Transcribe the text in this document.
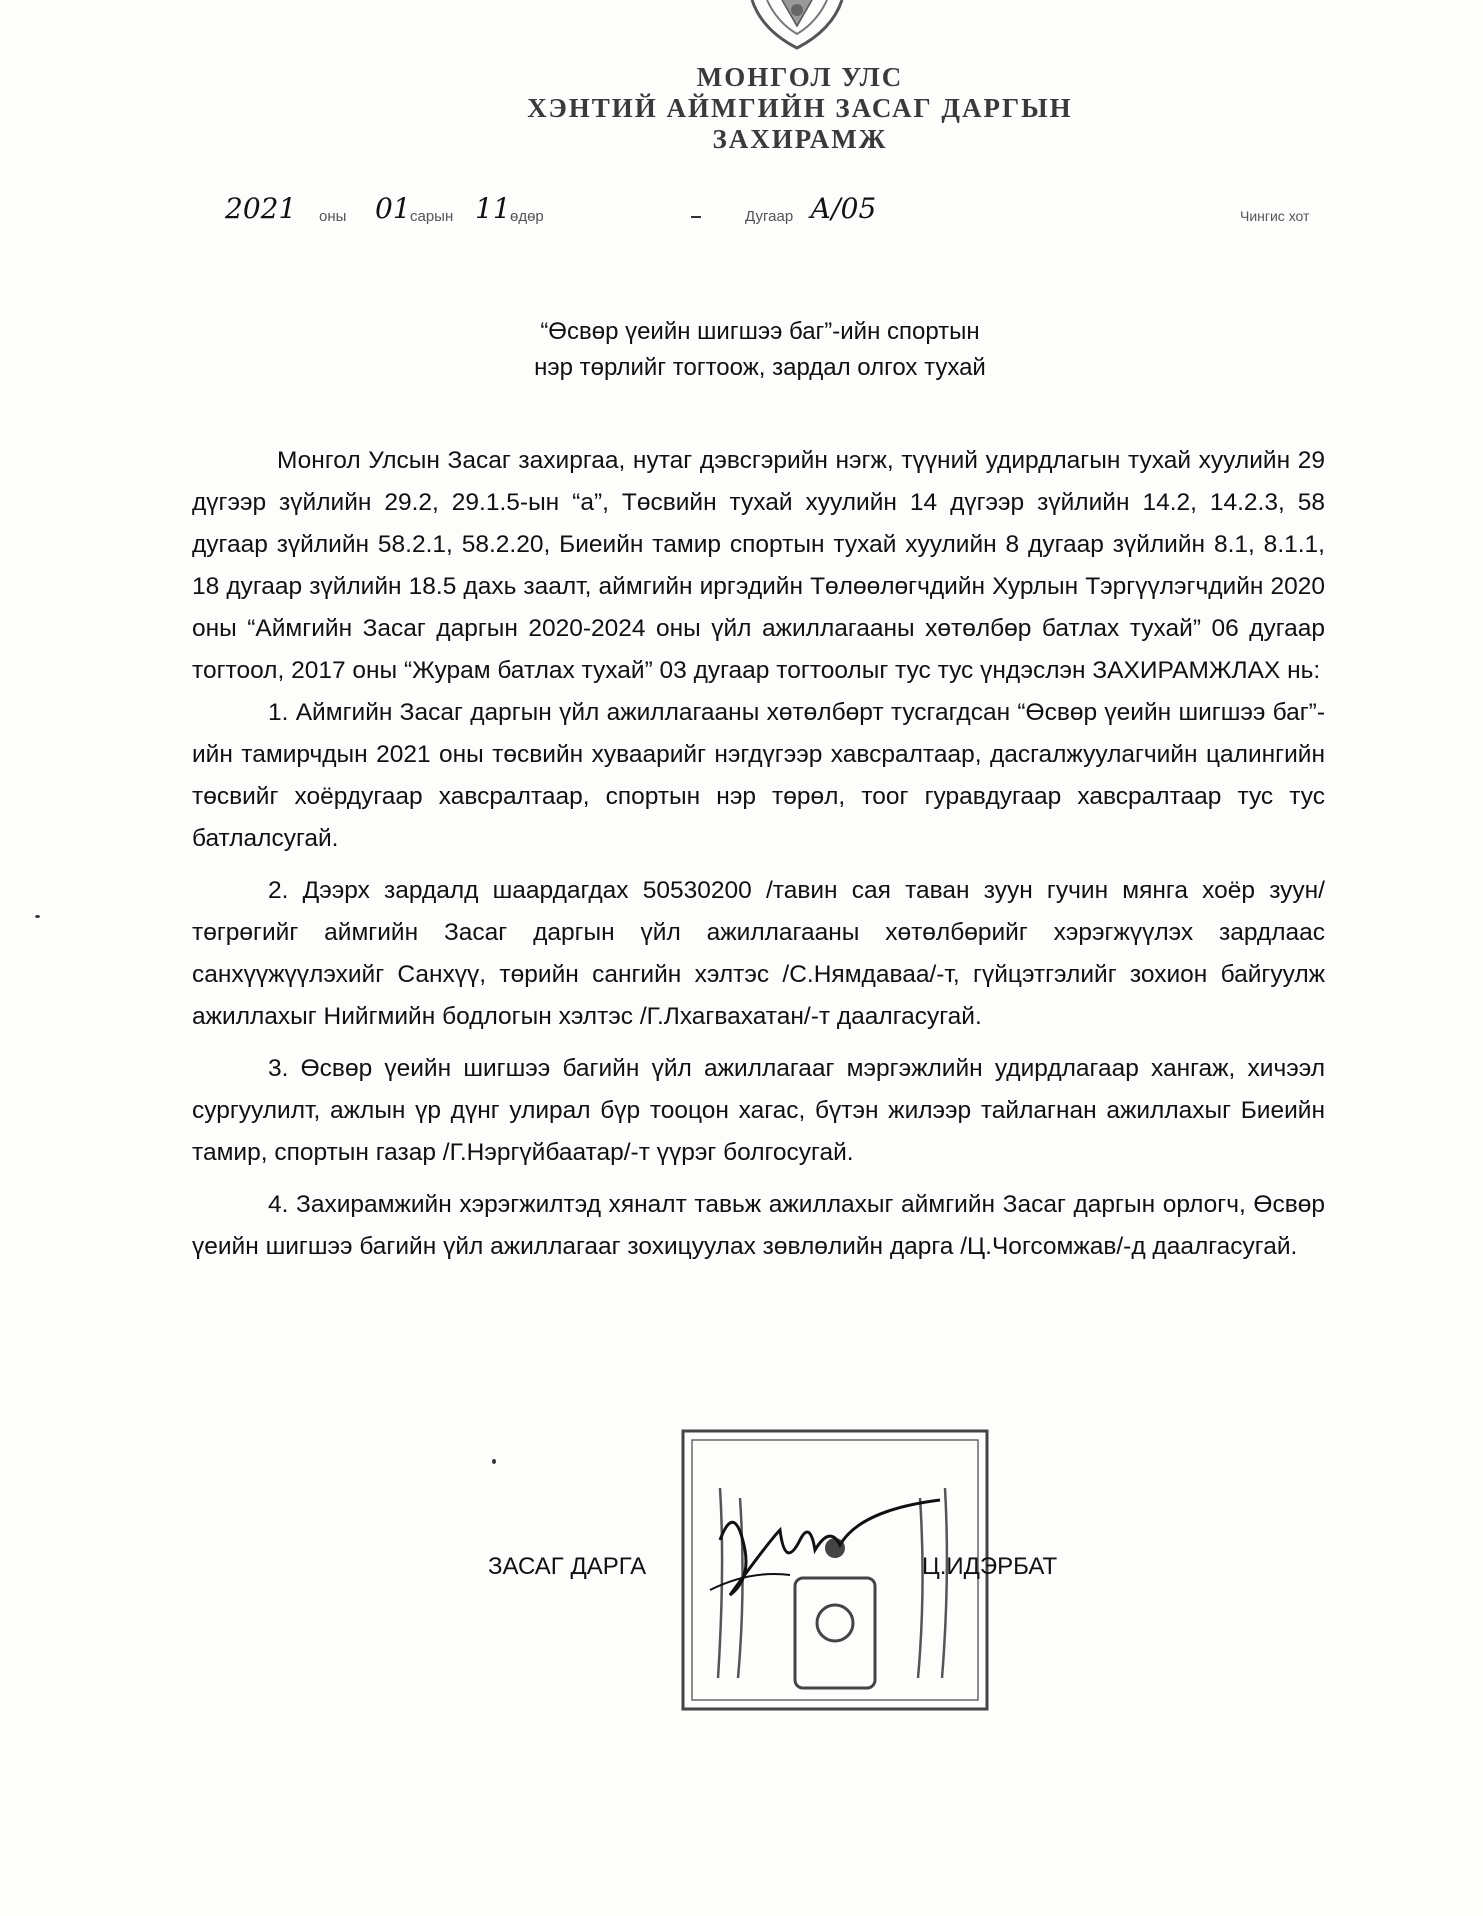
МОНГОЛ УЛС
ХЭНТИЙ АЙМГИЙН ЗАСАГ ДАРГЫН
ЗАХИРАМЖ
2021 оны 01 сарын 11 өдөр	Дугаар А/05	Чингис хот
“Өсвөр үеийн шигшээ баг”-ийн спортын
нэр төрлийг тогтоож, зардал олгох тухай

Монгол Улсын Засаг захиргаа, нутаг дэвсгэрийн нэгж, түүний удирдлагын тухай хуулийн 29 дүгээр зүйлийн 29.2, 29.1.5-ын “а”, Төсвийн тухай хуулийн 14 дүгээр зүйлийн 14.2, 14.2.3, 58 дугаар зүйлийн 58.2.1, 58.2.20, Биеийн тамир спортын тухай хуулийн 8 дугаар зүйлийн 8.1, 8.1.1, 18 дугаар зүйлийн 18.5 дахь заалт, аймгийн иргэдийн Төлөөлөгчдийн Хурлын Тэргүүлэгчдийн 2020 оны “Аймгийн Засаг даргын 2020-2024 оны үйл ажиллагааны хөтөлбөр батлах тухай” 06 дугаар тогтоол, 2017 оны “Журам батлах тухай” 03 дугаар тогтоолыг тус тус үндэслэн ЗАХИРАМЖЛАХ нь:

1. Аймгийн Засаг даргын үйл ажиллагааны хөтөлбөрт тусгагдсан “Өсвөр үеийн шигшээ баг”-ийн тамирчдын 2021 оны төсвийн хуваарийг нэгдүгээр хавсралтаар, дасгалжуулагчийн цалингийн төсвийг хоёрдугаар хавсралтаар, спортын нэр төрөл, тоог гуравдугаар хавсралтаар тус тус батлалсугай.

2. Дээрх зардалд шаардагдах 50530200 /тавин сая таван зуун гучин мянга хоёр зуун/ төгрөгийг аймгийн Засаг даргын үйл ажиллагааны хөтөлбөрийг хэрэгжүүлэх зардлаас санхүүжүүлэхийг Санхүү, төрийн сангийн хэлтэс /С.Нямдаваа/-т, гүйцэтгэлийг зохион байгуулж ажиллахыг Нийгмийн бодлогын хэлтэс /Г.Лхагвахатан/-т даалгасугай.

3. Өсвөр үеийн шигшээ багийн үйл ажиллагааг мэргэжлийн удирдлагаар хангаж, хичээл сургуулилт, ажлын үр дүнг улирал бүр тооцон хагас, бүтэн жилээр тайлагнан ажиллахыг Биеийн тамир, спортын газар /Г.Нэргүйбаатар/-т үүрэг болгосугай.

4. Захирамжийн хэрэгжилтэд хяналт тавьж ажиллахыг аймгийн Засаг даргын орлогч, Өсвөр үеийн шигшээ багийн үйл ажиллагааг зохицуулах зөвлөлийн дарга /Ц.Чогсомжав/-д даалгасугай.

ЗАСАГ ДАРГА	Ц.ИДЭРБАТ
